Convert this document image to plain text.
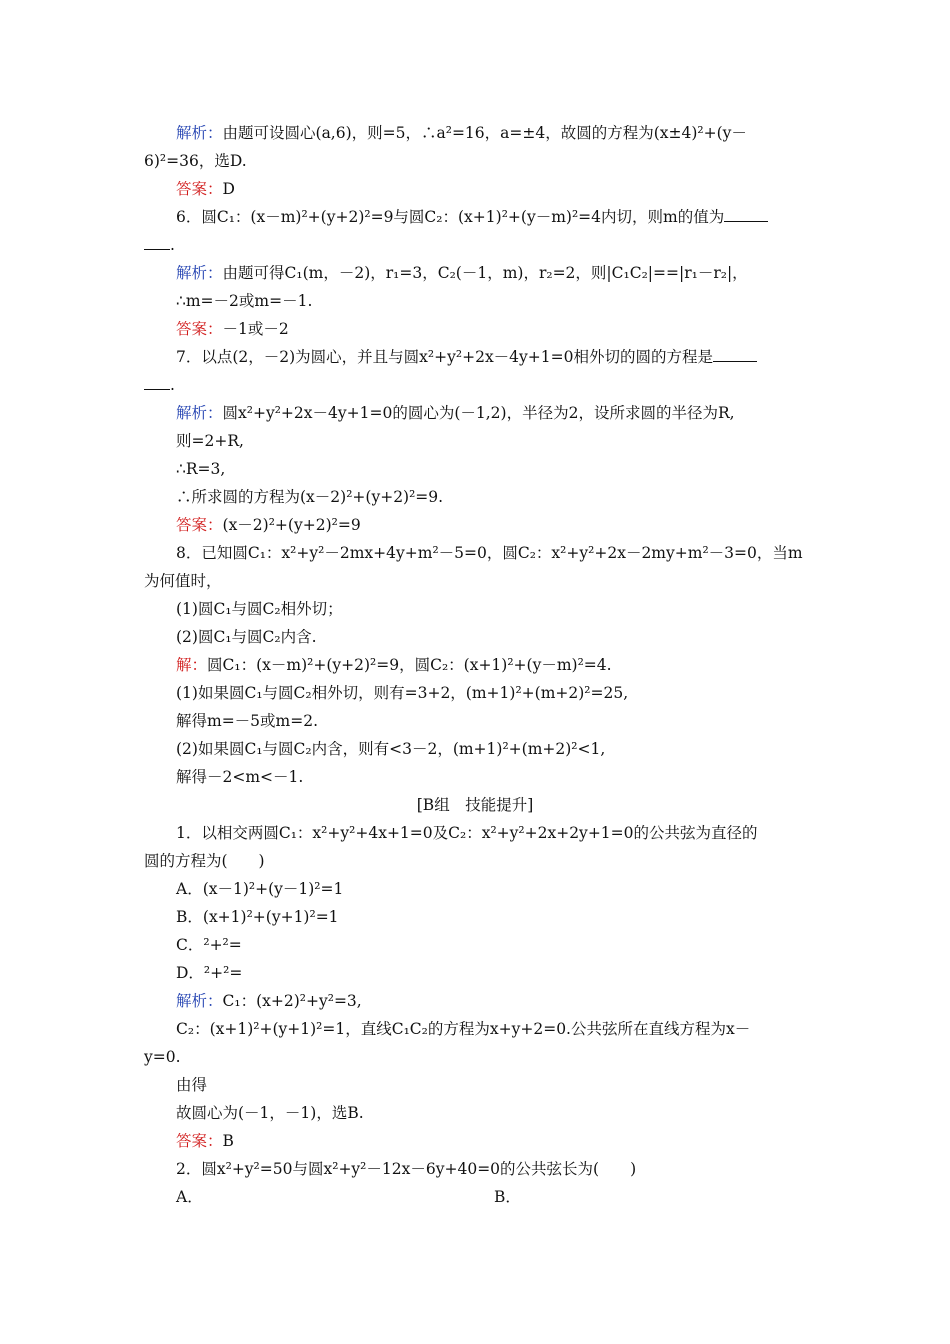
解析：由题可设圆心(a,6)，则=5，∴a²=16，a=±4，故圆的方程为(x±4)²+(y－
6)²=36，选D.
答案：D
6．圆C₁：(x－m)²+(y+2)²=9与圆C₂：(x+1)²+(y－m)²=4内切，则m的值为
.
解析：由题可得C₁(m，－2)，r₁=3，C₂(－1，m)，r₂=2，则|C₁C₂|==|r₁－r₂|，
∴m=－2或m=－1.
答案：－1或－2
7．以点(2，－2)为圆心，并且与圆x²+y²+2x－4y+1=0相外切的圆的方程是
.
解析：圆x²+y²+2x－4y+1=0的圆心为(－1,2)，半径为2，设所求圆的半径为R,
则=2+R,
∴R=3,
∴所求圆的方程为(x－2)²+(y+2)²=9.
答案：(x－2)²+(y+2)²=9
8．已知圆C₁：x²+y²－2mx+4y+m²－5=0，圆C₂：x²+y²+2x－2my+m²－3=0，当m
为何值时，
(1)圆C₁与圆C₂相外切；
(2)圆C₁与圆C₂内含.
解：圆C₁：(x－m)²+(y+2)²=9，圆C₂：(x+1)²+(y－m)²=4.
(1)如果圆C₁与圆C₂相外切，则有=3+2，(m+1)²+(m+2)²=25,
解得m=－5或m=2.
(2)如果圆C₁与圆C₂内含，则有<3－2，(m+1)²+(m+2)²<1,
解得－2<m<－1.
[B组　技能提升]
1．以相交两圆C₁：x²+y²+4x+1=0及C₂：x²+y²+2x+2y+1=0的公共弦为直径的
圆的方程为(　　)
A．(x－1)²+(y－1)²=1
B．(x+1)²+(y+1)²=1
C．²+²=
D．²+²=
解析：C₁：(x+2)²+y²=3,
C₂：(x+1)²+(y+1)²=1，直线C₁C₂的方程为x+y+2=0.公共弦所在直线方程为x－
y=0.
由得
故圆心为(－1，－1)，选B.
答案：B
2．圆x²+y²=50与圆x²+y²－12x－6y+40=0的公共弦长为(　　)
A．	B．
